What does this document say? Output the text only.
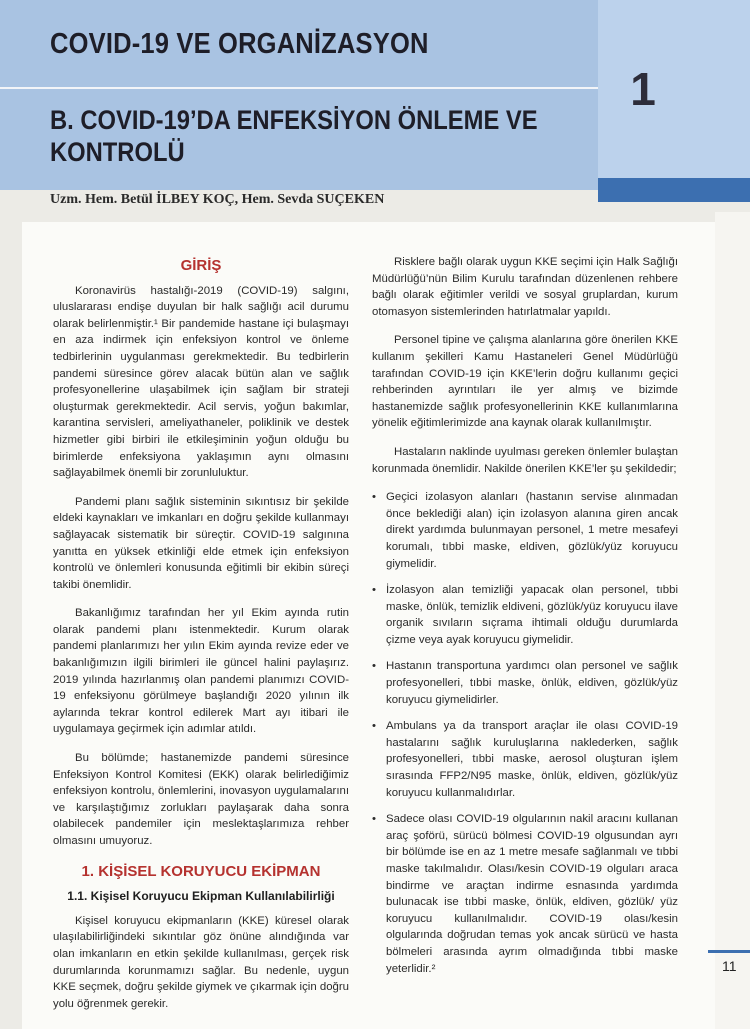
1
COVID-19 VE ORGANİZASYON
B. COVID-19’DA ENFEKSİYON ÖNLEME VE KONTROLÜ
Uzm. Hem. Betül İLBEY KOÇ, Hem. Sevda SUÇEKEN
GİRİŞ

Koronavirüs hastalığı-2019 (COVID-19) salgını, uluslararası endişe duyulan bir halk sağlığı acil durumu olarak belirlenmiştir.¹ Bir pandemide hastane içi bulaşmayı en aza indirmek için enfeksiyon kontrol ve önleme tedbirlerinin uygulanması gerekmektedir. Bu tedbirlerin pandemi süresince görev alacak bütün alan ve sağlık profesyonellerine ulaşabilmek için sağlam bir strateji oluşturmak gerekmektedir. Acil servis, yoğun bakımlar, karantina servisleri, ameliyathaneler, poliklinik ve destek hizmetler gibi birbiri ile etkileşiminin yoğun olduğu bu birimlerde enfeksiyona yaklaşımın aynı olmasını sağlayabilmek önemli bir zorunluluktur.

Pandemi planı sağlık sisteminin sıkıntısız bir şekilde eldeki kaynakları ve imkanları en doğru şekilde kullanmayı sağlayacak sistematik bir süreçtir. COVID-19 salgınına yanıtta en yüksek etkinliği elde etmek için enfeksiyon kontrolü ve önlemleri konusunda eğitimli bir ekibin süreçi takibi önemlidir.

Bakanlığımız tarafından her yıl Ekim ayında rutin olarak pandemi planı istenmektedir. Kurum olarak pandemi planlarımızı her yılın Ekim ayında revize eder ve bakanlığımızın ilgili birimleri ile güncel halini paylaşırız. 2019 yılında hazırlanmış olan pandemi planımızı COVID-19 enfeksiyonu görülmeye başlandığı 2020 yılının ilk aylarında tekrar kontrol edilerek Mart ayı itibari ile uygulamaya geçirmek için adımlar atıldı.

Bu bölümde; hastanemizde pandemi süresince Enfeksiyon Kontrol Komitesi (EKK) olarak belirlediğimiz enfeksiyon kontrolu, önlemlerini, inovasyon uygulamalarını ve karşılaştığımız zorlukları paylaşarak daha sonra olabilecek pandemiler için meslektaşlarımıza rehber olmasını umuyoruz.

1. KİŞİSEL KORUYUCU EKİPMAN
1.1. Kişisel Koruyucu Ekipman Kullanılabilirliği

Kişisel koruyucu ekipmanların (KKE) küresel olarak ulaşılabilirliğindeki sıkıntılar göz önüne alındığında var olan imkanların en etkin şekilde kullanılması, gerçek risk durumlarında korunmamızı sağlar. Bu nedenle, uygun KKE seçmek, doğru şekilde giymek ve çıkarmak için doğru yolu öğrenmek gerekir.

Risklere bağlı olarak uygun KKE seçimi için Halk Sağlığı Müdürlüğü’nün Bilim Kurulu tarafından düzenlenen rehbere bağlı olarak eğitimler verildi ve sosyal gruplardan, kurum otomasyon sistemlerinden hatırlatmalar yapıldı.

Personel tipine ve çalışma alanlarına göre önerilen KKE kullanım şekilleri Kamu Hastaneleri Genel Müdürlüğü tarafından COVID-19 için KKE’lerin doğru kullanımı geçici rehberinden ayrıntıları ile yer almış ve bizimde hastanemizde sağlık profesyonellerinin KKE kullanımlarına yönelik eğitimlerimizde ana kaynak olarak kullanılmıştır.

Hastaların naklinde uyulması gereken önlemler bulaştan korunmada önemlidir. Nakilde önerilen KKE’ler şu şekildedir;

• Geçici izolasyon alanları (hastanın servise alınmadan önce beklediği alan) için izolasyon alanına giren ancak direkt yardımda bulunmayan personel, 1 metre mesafeyi korumalı, tıbbi maske, eldiven, gözlük/yüz koruyucu giymelidir.
• İzolasyon alan temizliği yapacak olan personel, tıbbi maske, önlük, temizlik eldiveni, gözlük/yüz koruyucu ilave organik sıvıların sıçrama ihtimali olduğu durumlarda çizme veya ayak koruyucu giymelidir.
• Hastanın transportuna yardımcı olan personel ve sağlık profesyonelleri, tıbbi maske, önlük, eldiven, gözlük/yüz koruyucu giymelidirler.
• Ambulans ya da transport araçlar ile olası COVID-19 hastalarını sağlık kuruluşlarına naklederken, sağlık profesyonelleri, tıbbi maske, aerosol oluşturan işlem sırasında FFP2/N95 maske, önlük, eldiven, gözlük/yüz koruyucu kullanmalıdırlar.
• Sadece olası COVID-19 olgularının nakil aracını kullanan araç şoförü, sürücü bölmesi COVID-19 olgusundan ayrı bir bölümde ise en az 1 metre mesafe sağlanmalı ve tıbbi maske takılmalıdır. Olası/kesin COVID-19 olguları araca bindirme ve araçtan indirme esnasında yardımda bulunacak ise tıbbi maske, önlük, eldiven, gözlük/ yüz koruyucu kullanılmalıdır. COVID-19 olası/kesin olgularında doğrudan temas yok ancak sürücü ve hasta bölmeleri arasında ayrım olmadığında tıbbi maske yeterlidir.²	11
